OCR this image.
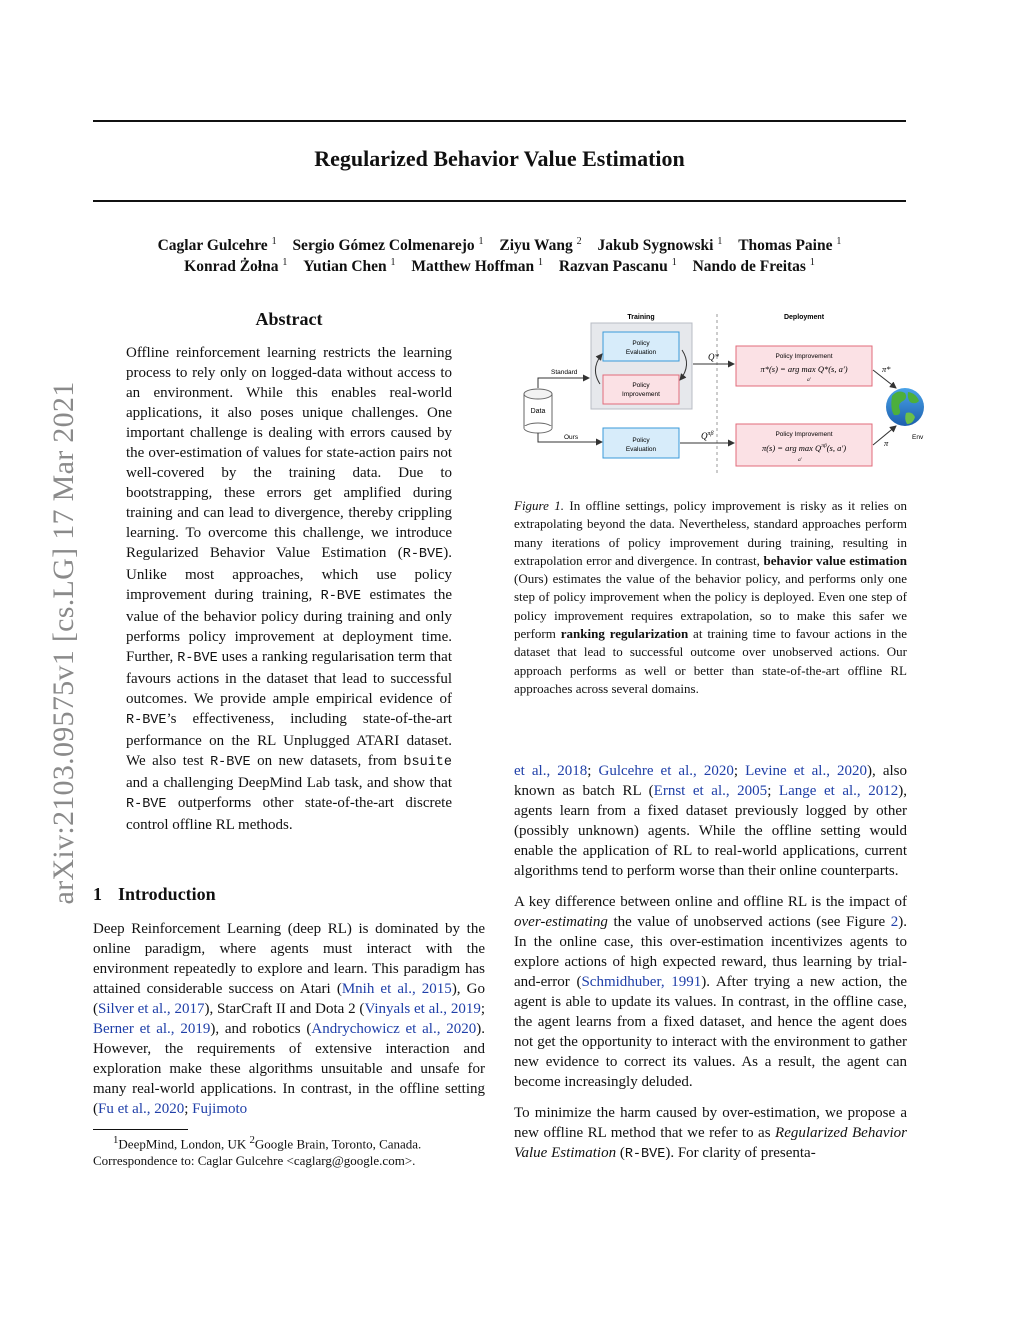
Regularized Behavior Value Estimation
Caglar Gulcehre $^1$ Sergio Gómez Colmenarejo $^1$ Ziyu Wang $^2$ Jakub Sygnowski $^1$ Thomas Paine $^1$
Konrad Żołna $^1$ Yutian Chen $^1$ Matthew Hoffman $^1$ Razvan Pascanu $^1$ Nando de Freitas $^1$
arXiv:2103.09575v1 [cs.LG] 17 Mar 2021
Abstract

Offline reinforcement learning restricts the learning process to rely only on logged-data without access to an environment. While this enables real-world applications, it also poses unique challenges. One important challenge is dealing with errors caused by the over-estimation of values for state-action pairs not well-covered by the training data. Due to bootstrapping, these errors get amplified during training and can lead to divergence, thereby crippling learning. To overcome this challenge, we introduce Regularized Behavior Value Estimation (R-BVE). Unlike most approaches, which use policy improvement during training, R-BVE estimates the value of the behavior policy during training and only performs policy improvement at deployment time. Further, R-BVE uses a ranking regularisation term that favours actions in the dataset that lead to successful outcomes. We provide ample empirical evidence of R-BVE’s effectiveness, including state-of-the-art performance on the RL Unplugged ATARI dataset. We also test R-BVE on new datasets, from bsuite and a challenging DeepMind Lab task, and show that R-BVE outperforms other state-of-the-art discrete control offline RL methods.

1 Introduction

Deep Reinforcement Learning (deep RL) is dominated by the online paradigm, where agents must interact with the environment repeatedly to explore and learn. This paradigm has attained considerable success on Atari (Mnih et al., 2015), Go (Silver et al., 2017), StarCraft II and Dota 2 (Vinyals et al., 2019; Berner et al., 2019), and robotics (Andrychowicz et al., 2020). However, the requirements of extensive interaction and exploration make these algorithms unsuitable and unsafe for many real-world applications. In contrast, in the offline setting (Fu et al., 2020; Fujimoto

$^1$DeepMind, London, UK $^2$Google Brain, Toronto, Canada.
Correspondence to: Caglar Gulcehre <caglarg@google.com>.

Training	Deployment
Policy
Evaluation
Policy
Improvement
Data
Standard
Ours	Policy
Evaluation
Q*
$Q^{\pi\beta}$
Policy Improvement
π*(s) = arg max Q*(s, a′)
a′
Policy Improvement
π(s) = arg $\max Q^{\pi\beta}(s$, a′)
a′
π*
π
Env

Figure 1. In offline settings, policy improvement is risky as it relies on extrapolating beyond the data. Nevertheless, standard approaches perform many iterations of policy improvement during training, resulting in extrapolation error and divergence. In contrast, behavior value estimation (Ours) estimates the value of the behavior policy, and performs only one step of policy improvement when the policy is deployed. Even one step of policy improvement requires extrapolation, so to make this safer we perform ranking regularization at training time to favour actions in the dataset that lead to successful outcome over unobserved actions. Our approach performs as well or better than state-of-the-art offline RL approaches across several domains.

et al., 2018; Gulcehre et al., 2020; Levine et al., 2020), also known as batch RL (Ernst et al., 2005; Lange et al., 2012), agents learn from a fixed dataset previously logged by other (possibly unknown) agents. While the offline setting would enable the application of RL to real-world applications, current algorithms tend to perform worse than their online counterparts.

A key difference between online and offline RL is the impact of over-estimating the value of unobserved actions (see Figure 2). In the online case, this over-estimation incentivizes agents to explore actions of high expected reward, thus learning by trial-and-error (Schmidhuber, 1991). After trying a new action, the agent is able to update its values. In contrast, in the offline case, the agent learns from a fixed dataset, and hence the agent does not get the opportunity to interact with the environment to gather new evidence to correct its values. As a result, the agent can become increasingly deluded.

To minimize the harm caused by over-estimation, we propose a new offline RL method that we refer to as Regularized Behavior Value Estimation (R-BVE). For clarity of presenta-
